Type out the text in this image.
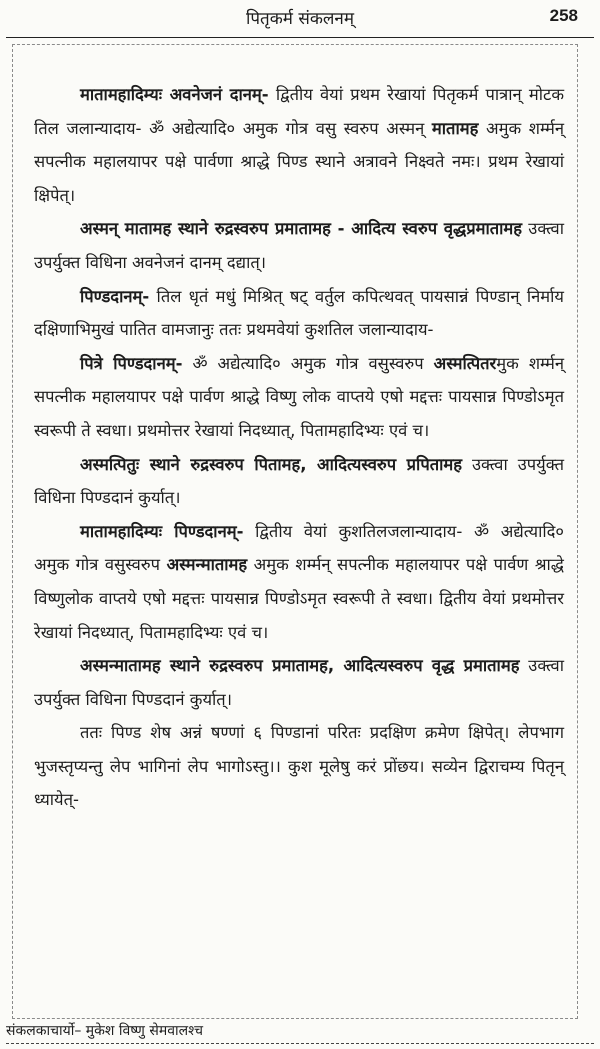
पितृकर्म संकलनम्	258

मातामहादिम्यः अवनेजनं दानम्- द्वितीय वेयां प्रथम रेखायां पितृकर्म पात्रान् मोटक तिल जलान्यादाय- ॐ अद्येत्यादि० अमुक गोत्र वसु स्वरुप अस्मन् मातामह अमुक शर्म्मन् सपत्नीक महालयापर पक्षे पार्वणा श्राद्धे पिण्ड स्थाने अत्रावने निक्ष्वते नमः। प्रथम रेखायां क्षिपेत्।

अस्मन् मातामह स्थाने रुद्रस्वरुप प्रमातामह - आदित्य स्वरुप वृद्धप्रमातामह उक्त्वा उपर्युक्त विधिना अवनेजनं दानम् दद्यात्।

पिण्डदानम्- तिल धृतं मधुं मिश्रित् षट् वर्तुल कपित्थवत् पायसान्नं पिण्डान् निर्माय दक्षिणाभिमुखं पातित वामजानुः ततः प्रथमवेयां कुशतिल जलान्यादाय-

पित्रे पिण्डदानम्- ॐ अद्येत्यादि० अमुक गोत्र वसुस्वरुप अस्मत्पितरमुक शर्म्मन् सपत्नीक महालयापर पक्षे पार्वण श्राद्धे विष्णु लोक वाप्तये एषो मद्दत्तः पायसान्न पिण्डोऽमृत स्वरूपी ते स्वधा। प्रथमोत्तर रेखायां निदध्यात्, पितामहादिभ्यः एवं च।

अस्मत्पितुः स्थाने रुद्रस्वरुप पितामह, आदित्यस्वरुप प्रपितामह उक्त्वा उपर्युक्त विधिना पिण्डदानं कुर्यात्।

मातामहादिम्यः पिण्डदानम्- द्वितीय वेयां कुशतिलजलान्यादाय- ॐ अद्येत्यादि० अमुक गोत्र वसुस्वरुप अस्मन्मातामह अमुक शर्म्मन् सपत्नीक महालयापर पक्षे पार्वण श्राद्धे विष्णुलोक वाप्तये एषो मद्दत्तः पायसान्न पिण्डोऽमृत स्वरूपी ते स्वधा। द्वितीय वेयां प्रथमोत्तर रेखायां निदध्यात्, पितामहादिभ्यः एवं च।

अस्मन्मातामह स्थाने रुद्रस्वरुप प्रमातामह, आदित्यस्वरुप वृद्ध प्रमातामह उक्त्वा उपर्युक्त विधिना पिण्डदानं कुर्यात्।

ततः पिण्ड शेष अन्नं षण्णां ६ पिण्डानां परितः प्रदक्षिण क्रमेण क्षिपेत्। लेपभाग भुजस्तृप्यन्तु लेप भागिनां लेप भागोऽस्तु।। कुश मूलेषु करं प्रोंछय। सव्येन द्विराचम्य पितृन् ध्यायेत्-

संकलकाचार्यो– मुकेश विष्णु सेमवालश्च
